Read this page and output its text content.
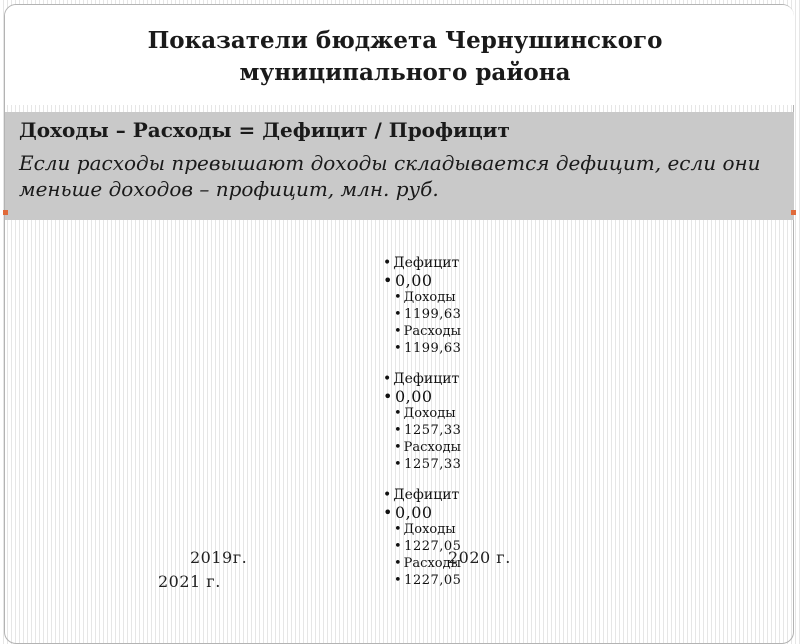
Показатели бюджета Чернушинского муниципального района
Доходы – Расходы = Дефицит / Профицит
Если расходы превышают доходы складывается дефицит, если они меньше доходов – профицит, млн. руб.
• Дефицит
• 0,00
• Доходы
• 1199,63
• Расходы
• 1199,63
• Дефицит
• 0,00
• Доходы
• 1257,33
• Расходы
• 1257,33
• Дефицит
• 0,00
• Доходы
• 1227,05
• Расходы
• 1227,05
2019г.	2020 г.
2021 г.
